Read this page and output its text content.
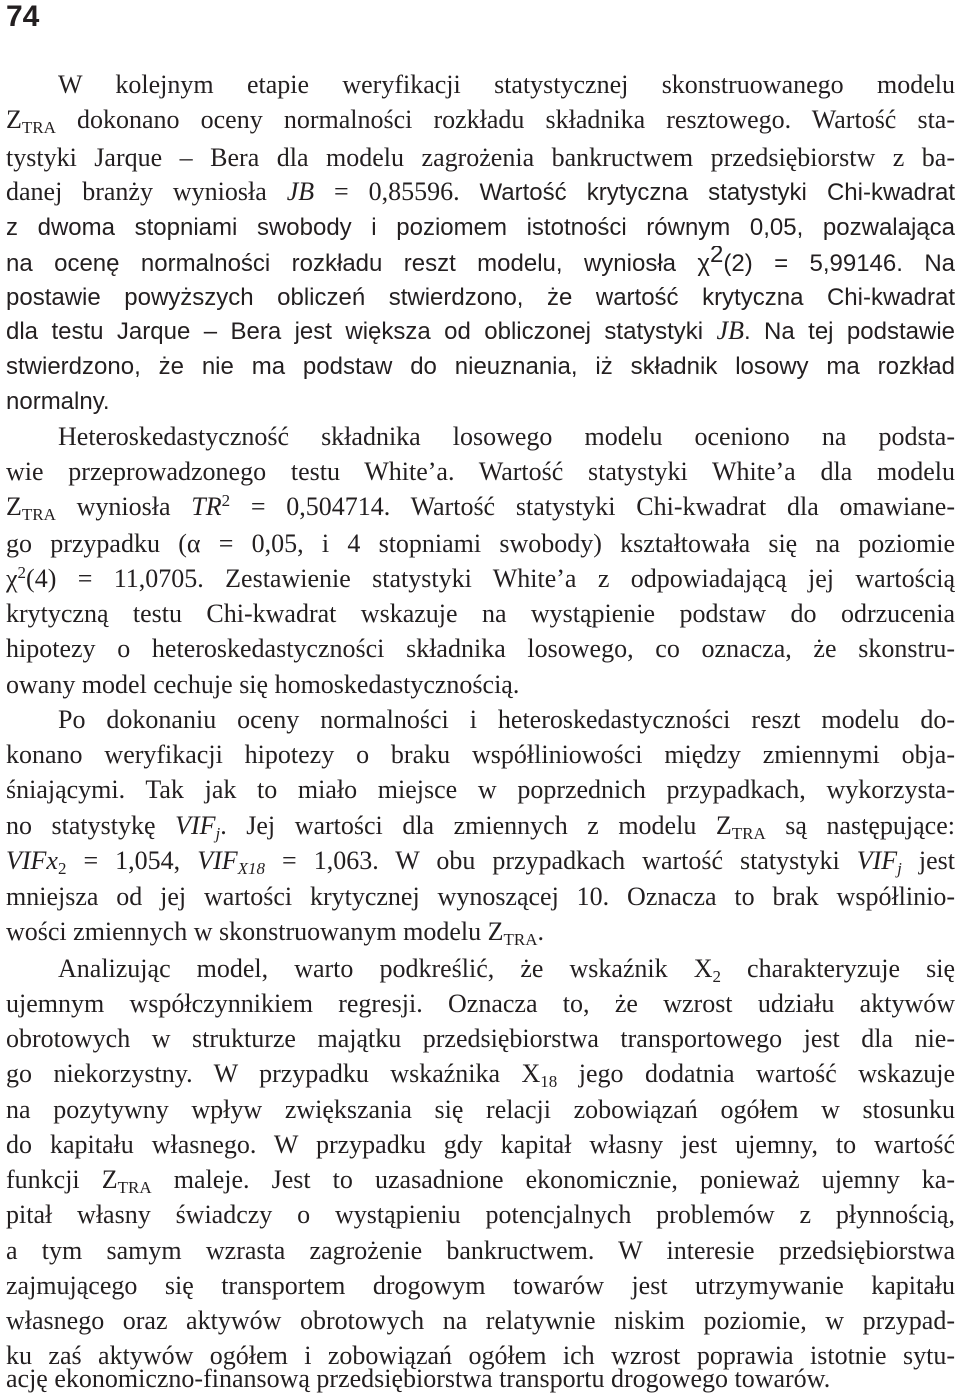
74
W kolejnym etapie weryfikacji statystycznej skonstruowanego modelu
$Z_{TRA}$ dokonano oceny normalności rozkładu składnika resztowego. Wartość sta-
tystyki Jarque – Bera dla modelu zagrożenia bankructwem przedsiębiorstw z ba-
danej branży wyniosła JB = 0,85596. Wartość krytyczna statystyki Chi-kwadrat
z dwoma stopniami swobody i poziomem istotności równym 0,05, pozwalająca
na ocenę normalności rozkładu reszt modelu, wyniosła $\chi^2(2) = 5,99146$. Na
postawie powyższych obliczeń stwierdzono, że wartość krytyczna Chi-kwadrat
dla testu Jarque – Bera jest większa od obliczonej statystyki JB. Na tej podstawie
stwierdzono, że nie ma podstaw do nieuznania, iż składnik losowy ma rozkład
normalny.
Heteroskedastyczność składnika losowego modelu oceniono na podsta-
wie przeprowadzonego testu White’a. Wartość statystyki White’a dla modelu
$Z_{TRA}$ wyniosła $TR^2 = 0,504714$. Wartość statystyki Chi-kwadrat dla omawiane-
go przypadku (α = 0,05, i 4 stopniami swobody) kształtowała się na poziomie
$\chi^2(4) = 11,0705$. Zestawienie statystyki White’a z odpowiadającą jej wartością
krytyczną testu Chi-kwadrat wskazuje na wystąpienie podstaw do odrzucenia
hipotezy o heteroskedastyczności składnika losowego, co oznacza, że skonstru-
owany model cechuje się homoskedastycznością.
Po dokonaniu oceny normalności i heteroskedastyczności reszt modelu do-
konano weryfikacji hipotezy o braku współliniowości między zmiennymi obja-
śniającymi. Tak jak to miało miejsce w poprzednich przypadkach, wykorzysta-
no statystykę $VIF_j$. Jej wartości dla zmiennych z modelu $Z_{TRA}$ są następujące:
VIFx$_2$ = 1,054, $VIF_{X18} = 1,063$. W obu przypadkach wartość statystyki $VIF_j$ jest
mniejsza od jej wartości krytycznej wynoszącej 10. Oznacza to brak współlinio-
wości zmiennych w skonstruowanym modelu $Z_{TRA}$.
Analizując model, warto podkreślić, że wskaźnik $X_2$ charakteryzuje się
ujemnym współczynnikiem regresji. Oznacza to, że wzrost udziału aktywów
obrotowych w strukturze majątku przedsiębiorstwa transportowego jest dla nie-
go niekorzystny. W przypadku wskaźnika $X_{18}$ jego dodatnia wartość wskazuje
na pozytywny wpływ zwiększania się relacji zobowiązań ogółem w stosunku
do kapitału własnego. W przypadku gdy kapitał własny jest ujemny, to wartość
funkcji $Z_{TRA}$ maleje. Jest to uzasadnione ekonomicznie, ponieważ ujemny ka-
pitał własny świadczy o wystąpieniu potencjalnych problemów z płynnością,
a tym samym wzrasta zagrożenie bankructwem. W interesie przedsiębiorstwa
zajmującego się transportem drogowym towarów jest utrzymywanie kapitału
własnego oraz aktywów obrotowych na relatywnie niskim poziomie, w przypad-
ku zaś aktywów ogółem i zobowiązań ogółem ich wzrost poprawia istotnie sytu-
ację ekonomiczno-finansową przedsiębiorstwa transportu drogowego towarów.
